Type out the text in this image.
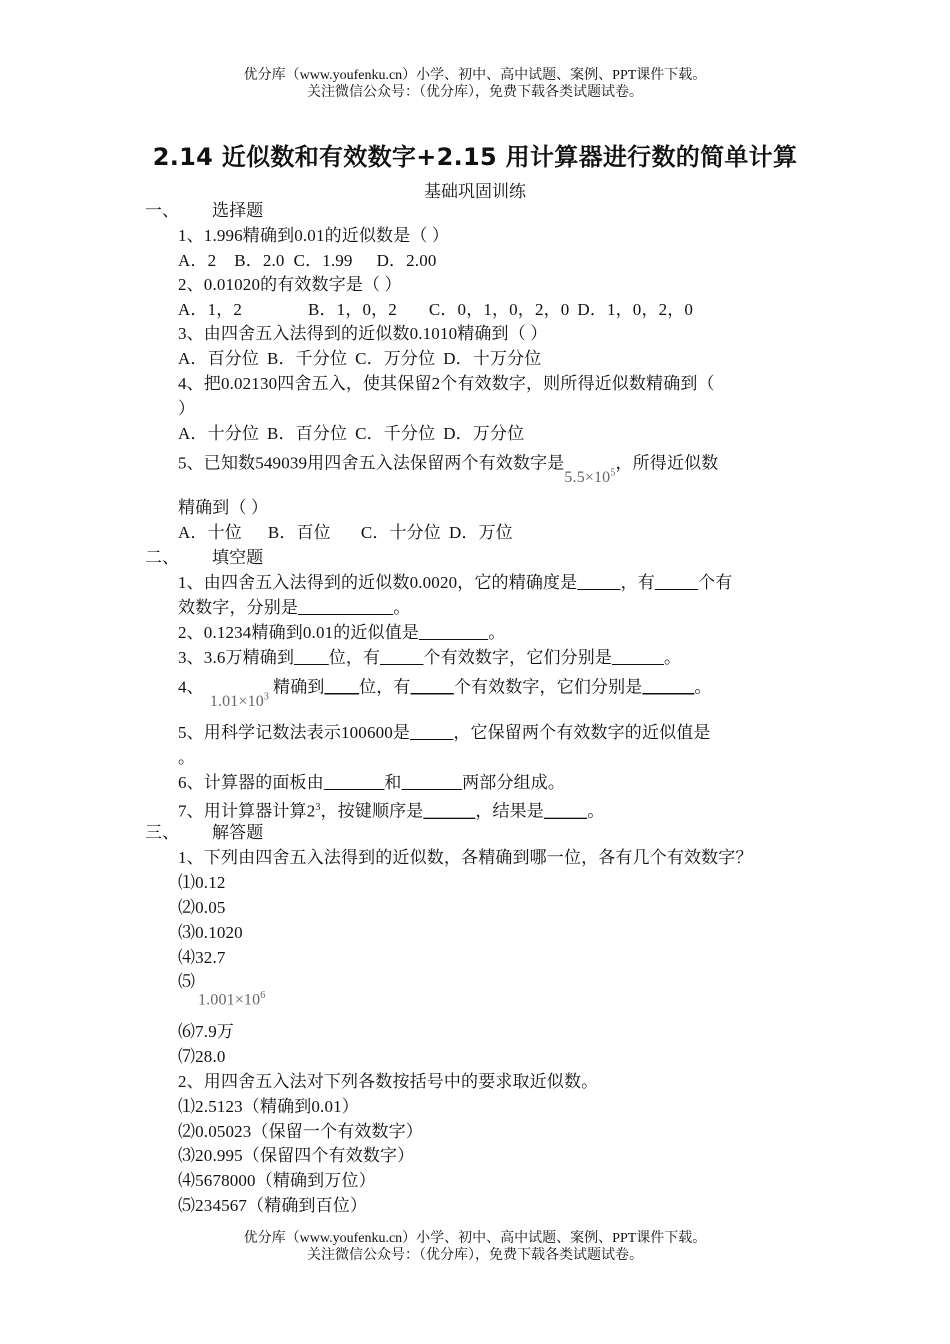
优分库（www.youfenku.cn）小学、初中、高中试题、案例、PPT课件下载。
关注微信公众号：（优分库），免费下载各类试题试卷。
2.14 近似数和有效数字+2.15 用计算器进行数的简单计算
基础巩固训练
一、 选择题
1、1.996精确到0.01的近似数是（ ）
A．2 B．2.0 C．1.99 D．2.00
2、0.01020的有效数字是（ ）
A．1，2	B．1，0，2 C．0，1，0，2，0 D．1，0，2，0
3、由四舍五入法得到的近似数0.1010精确到（ ）
A．百分位 B．千分位 C．万分位 D．十万分位
4、把0.02130四舍五入，使其保留2个有效数字，则所得近似数精确到（
）
A．十分位 B．百分位 C．千分位 D．万分位
5、已知数549039用四舍五入法保留两个有效数字是$5.5\times 10^5$，所得近似数
精确到（ ）
A．十位 B．百位 C．十分位 D．万位
二、 填空题
1、由四舍五入法得到的近似数0.0020，它的精确度是_____，有_____个有
效数字，分别是___________。
2、0.1234精确到0.01的近似值是________。
3、3.6万精确到____位，有_____个有效数字，它们分别是______。
4、$1.01\times 10^3$精确到____位，有_____个有效数字，它们分别是______。
5、用科学记数法表示100600是_____，它保留两个有效数字的近似值是
。
6、计算器的面板由_______和_______两部分组成。
7、用计算器计算$2^3$，按键顺序是______，结果是_____。
三、 解答题
1、下列由四舍五入法得到的近似数，各精确到哪一位，各有几个有效数字？
⑴0.12
⑵0.05
⑶0.1020
⑷32.7
⑸
$1.001\times 10^6$
⑹7.9万
⑺28.0
2、用四舍五入法对下列各数按括号中的要求取近似数。
⑴2.5123（精确到0.01）
⑵0.05023（保留一个有效数字）
⑶20.995（保留四个有效数字）
⑷5678000（精确到万位）
⑸234567（精确到百位）
优分库（www.youfenku.cn）小学、初中、高中试题、案例、PPT课件下载。
关注微信公众号：（优分库），免费下载各类试题试卷。
